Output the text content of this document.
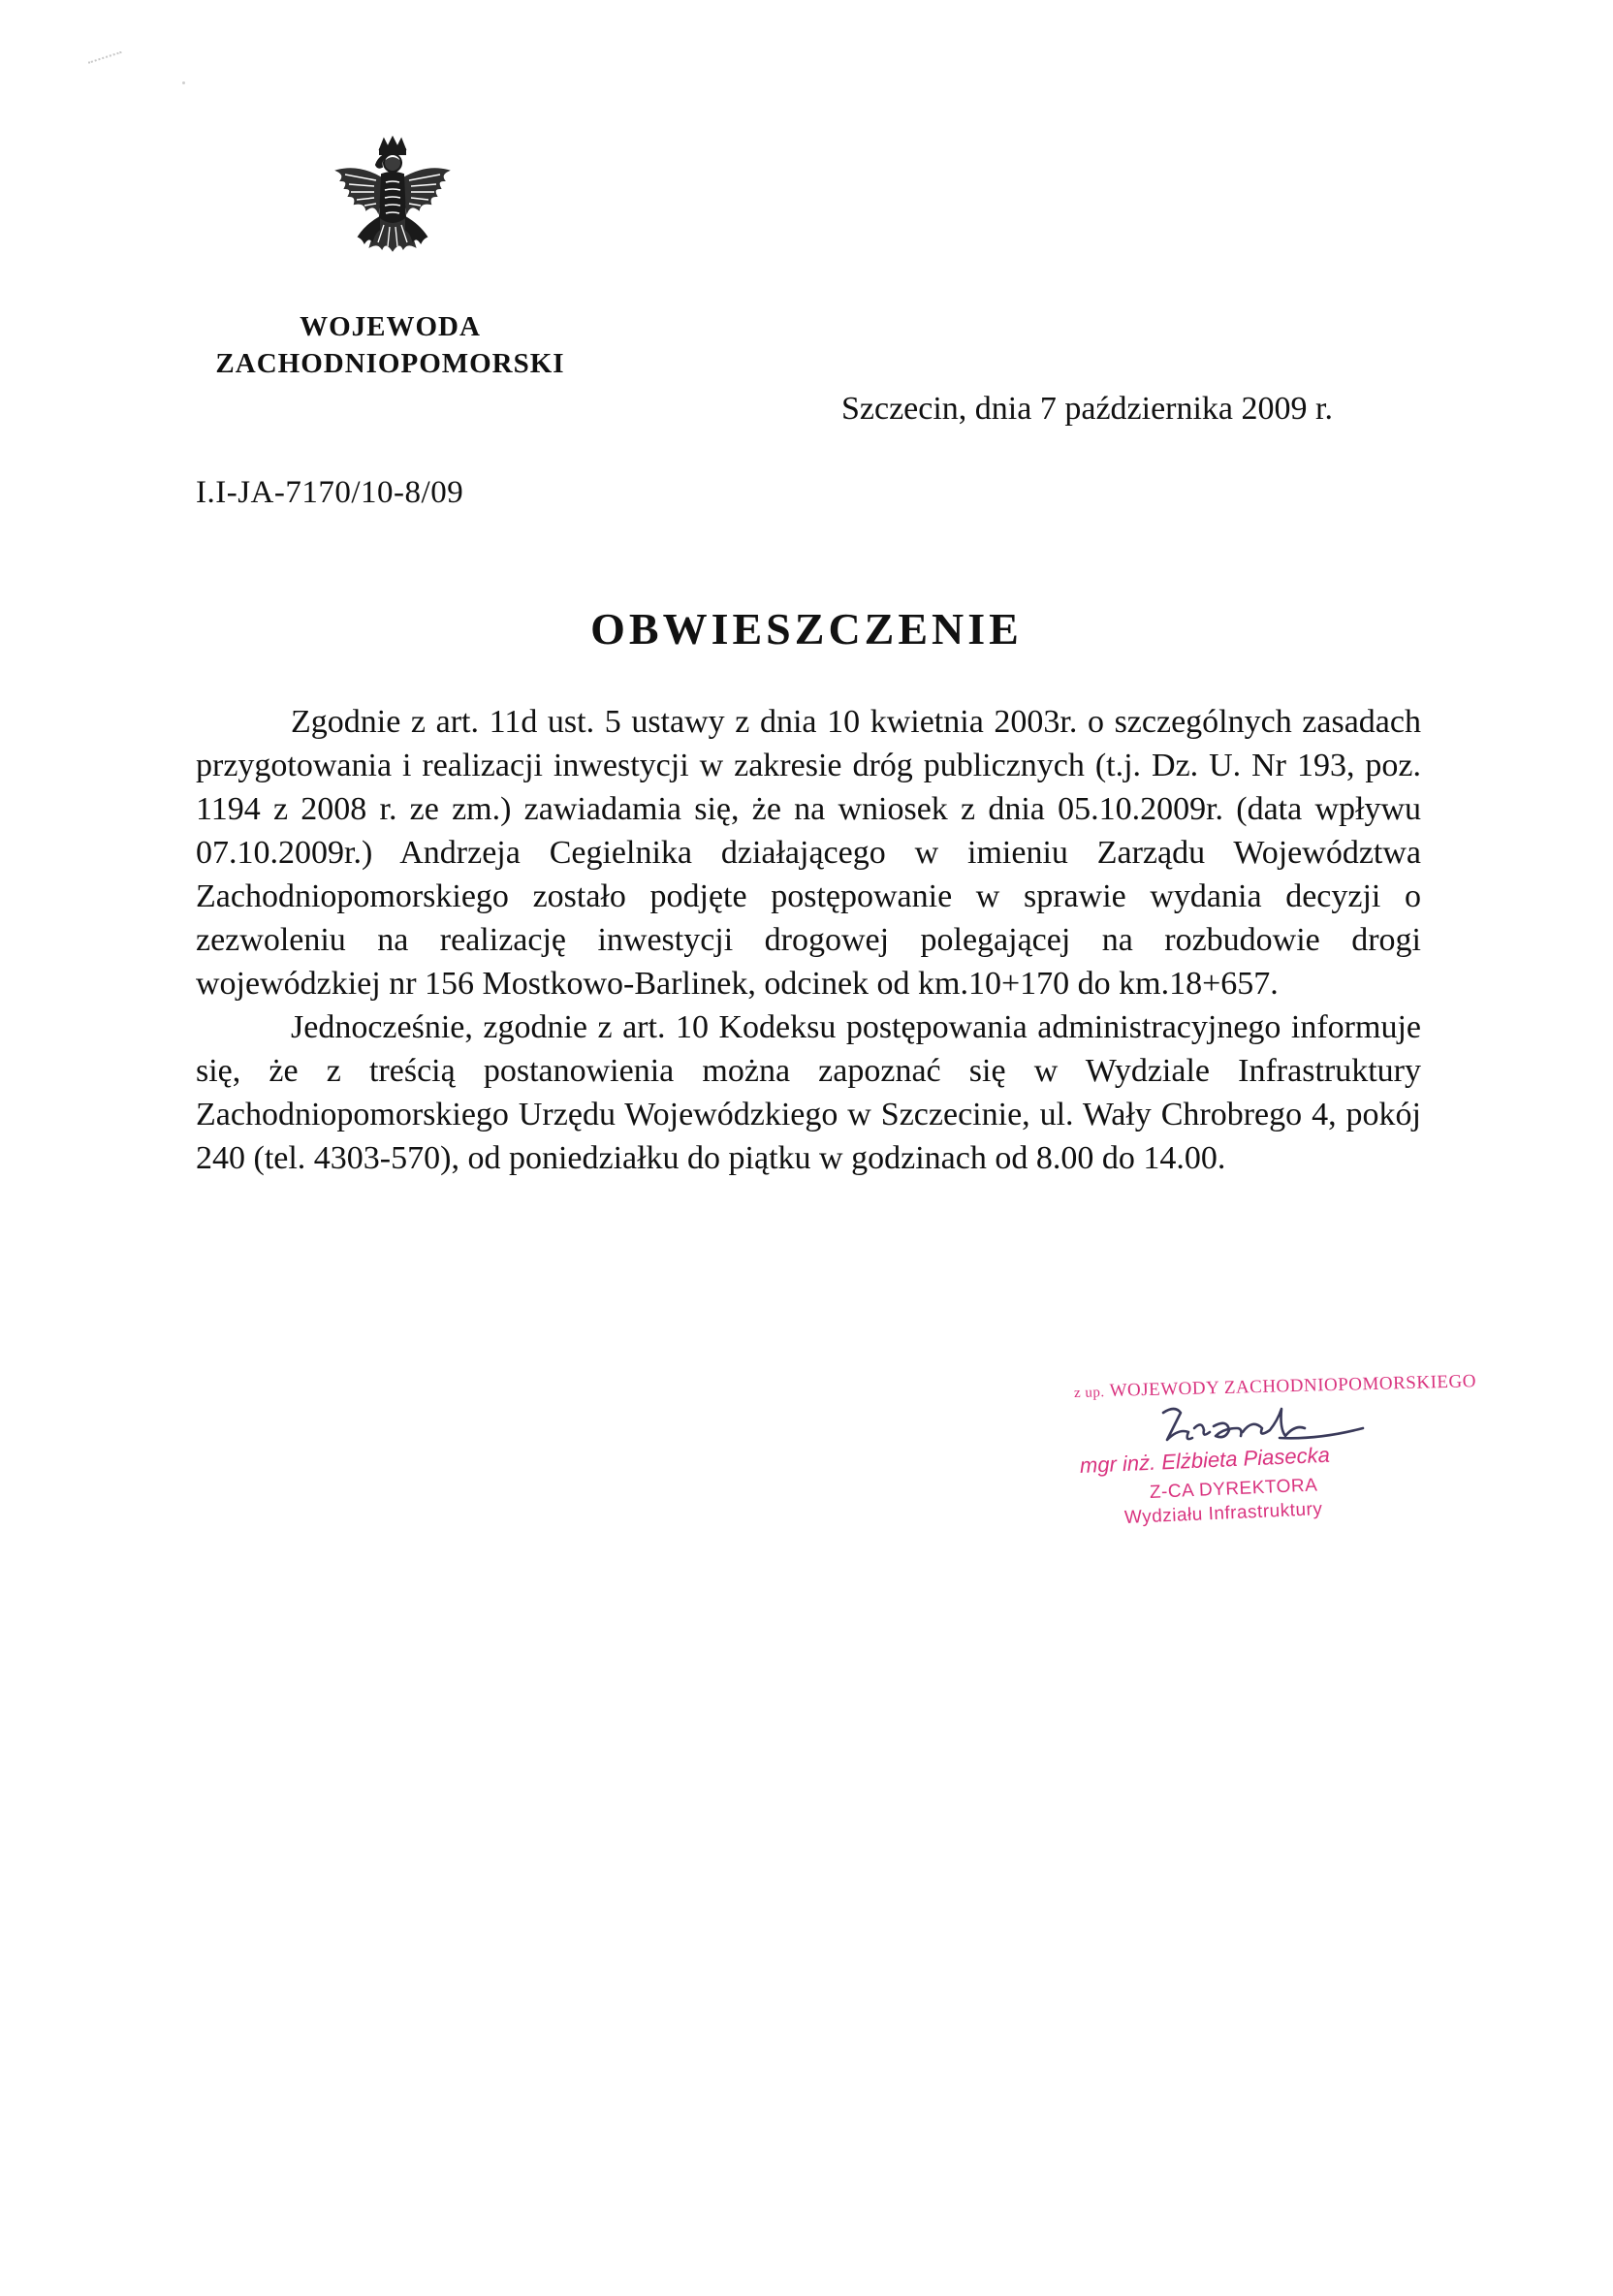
WOJEWODA
ZACHODNIOPOMORSKI
Szczecin, dnia 7 października 2009 r.
I.I-JA-7170/10-8/09
OBWIESZCZENIE

Zgodnie z art. 11d ust. 5 ustawy z dnia 10 kwietnia 2003r. o szczególnych zasadach przygotowania i realizacji inwestycji w zakresie dróg publicznych (t.j. Dz. U. Nr 193, poz. 1194 z 2008 r. ze zm.) zawiadamia się, że na wniosek z dnia 05.10.2009r. (data wpływu 07.10.2009r.) Andrzeja Cegielnika działającego w imieniu Zarządu Województwa Zachodniopomorskiego zostało podjęte postępowanie w sprawie wydania decyzji o zezwoleniu na realizację inwestycji drogowej polegającej na rozbudowie drogi wojewódzkiej nr 156 Mostkowo-Barlinek, odcinek od km.10+170 do km.18+657.

Jednocześnie, zgodnie z art. 10 Kodeksu postępowania administracyjnego informuje się, że z treścią postanowienia można zapoznać się w Wydziale Infrastruktury Zachodniopomorskiego Urzędu Wojewódzkiego w Szczecinie, ul. Wały Chrobrego 4, pokój 240 (tel. 4303-570), od poniedziałku do piątku w godzinach od 8.00 do 14.00.

z up. WOJEWODY ZACHODNIOPOMORSKIEGO
mgr inż. Elżbieta Piasecka
Z-CA DYREKTORA
Wydziału Infrastruktury
